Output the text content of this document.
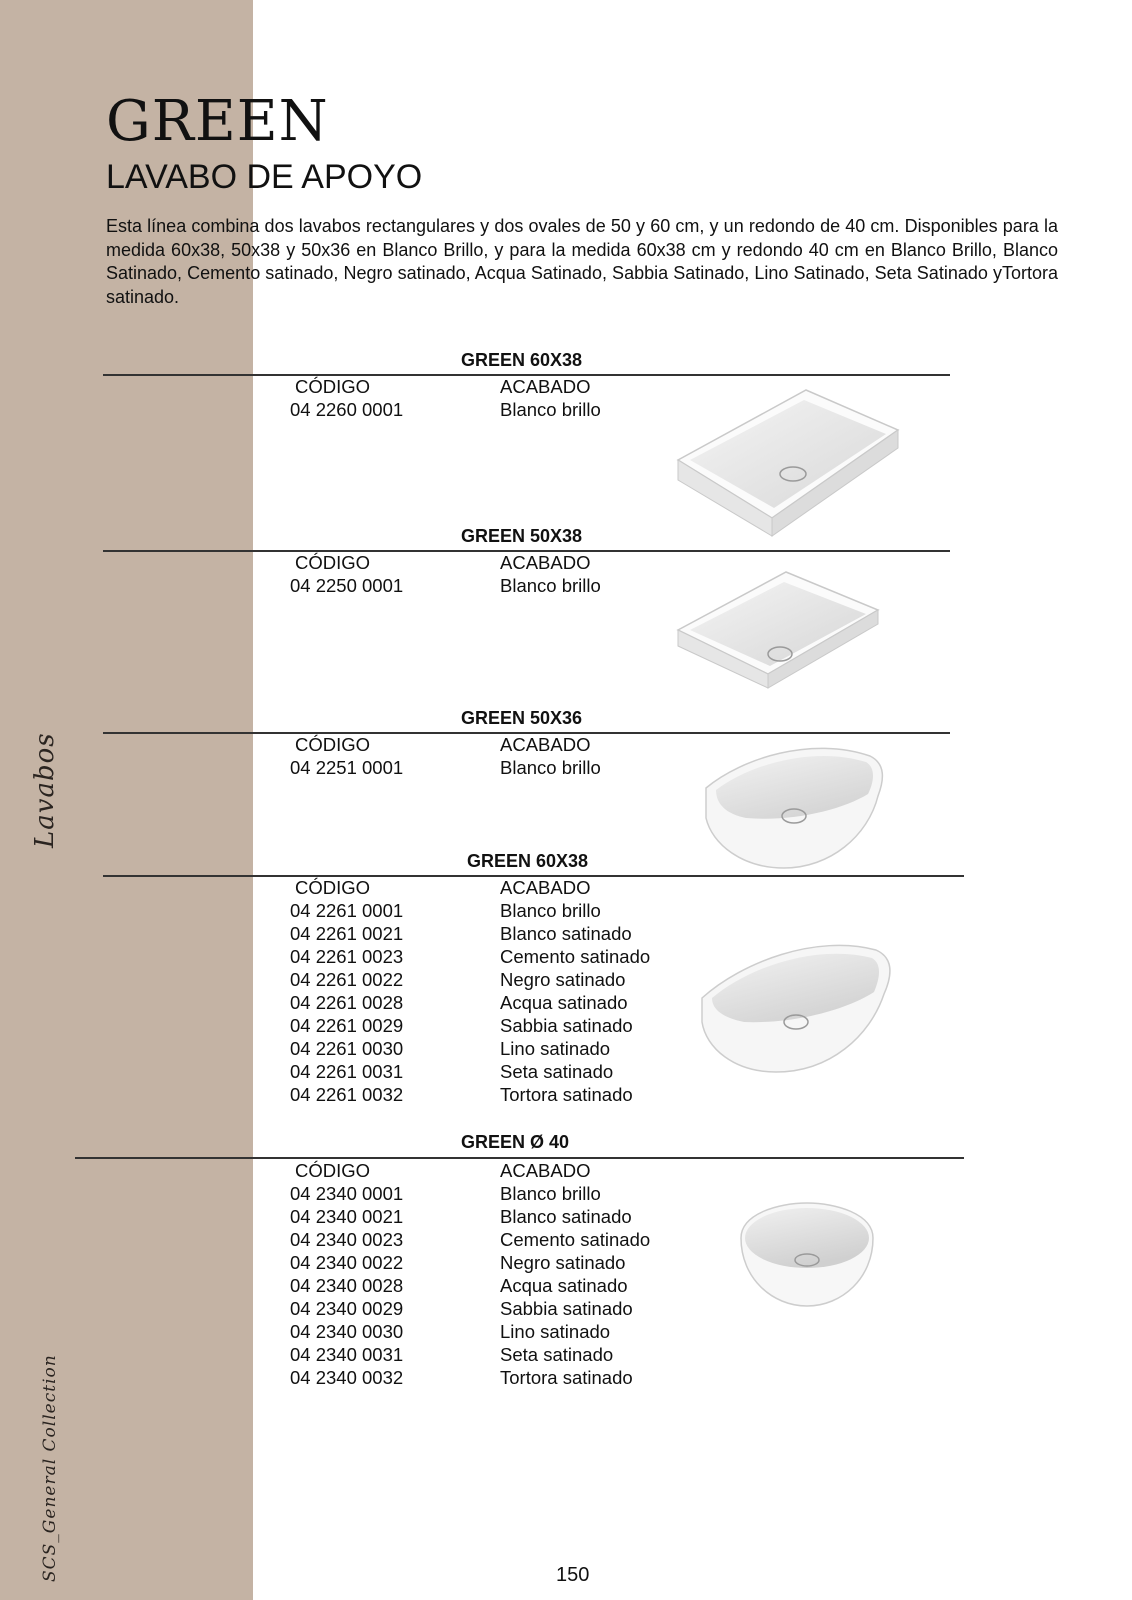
Lavabos
SCS_General Collection
GREEN
LAVABO DE APOYO

Esta línea combina dos lavabos rectangulares y dos ovales de 50 y 60 cm, y un redondo de 40 cm. Disponibles para la medida 60x38, 50x38 y 50x36 en Blanco Brillo, y para la medida 60x38 cm y redondo 40 cm en Blanco Brillo, Blanco Satinado, Cemento satinado, Negro satinado, Acqua Satinado, Sabbia Satinado, Lino Satinado, Seta Satinado yTortora satinado.

GREEN 60X38
CÓDIGO	ACABADO
04 2260 0001	Blanco brillo
GREEN 50X38
CÓDIGO	ACABADO
04 2250 0001	Blanco brillo
GREEN 50X36
CÓDIGO	ACABADO
04 2251 0001	Blanco brillo
GREEN 60X38
CÓDIGO	ACABADO
04 2261 0001	Blanco brillo
04 2261 0021	Blanco satinado
04 2261 0023	Cemento satinado
04 2261 0022	Negro satinado
04 2261 0028	Acqua satinado
04 2261 0029	Sabbia satinado
04 2261 0030	Lino satinado
04 2261 0031	Seta satinado
04 2261 0032	Tortora satinado
GREEN Ø 40
CÓDIGO	ACABADO
04 2340 0001	Blanco brillo
04 2340 0021	Blanco satinado
04 2340 0023	Cemento satinado
04 2340 0022	Negro satinado
04 2340 0028	Acqua satinado
04 2340 0029	Sabbia satinado
04 2340 0030	Lino satinado
04 2340 0031	Seta satinado
04 2340 0032	Tortora satinado
150
